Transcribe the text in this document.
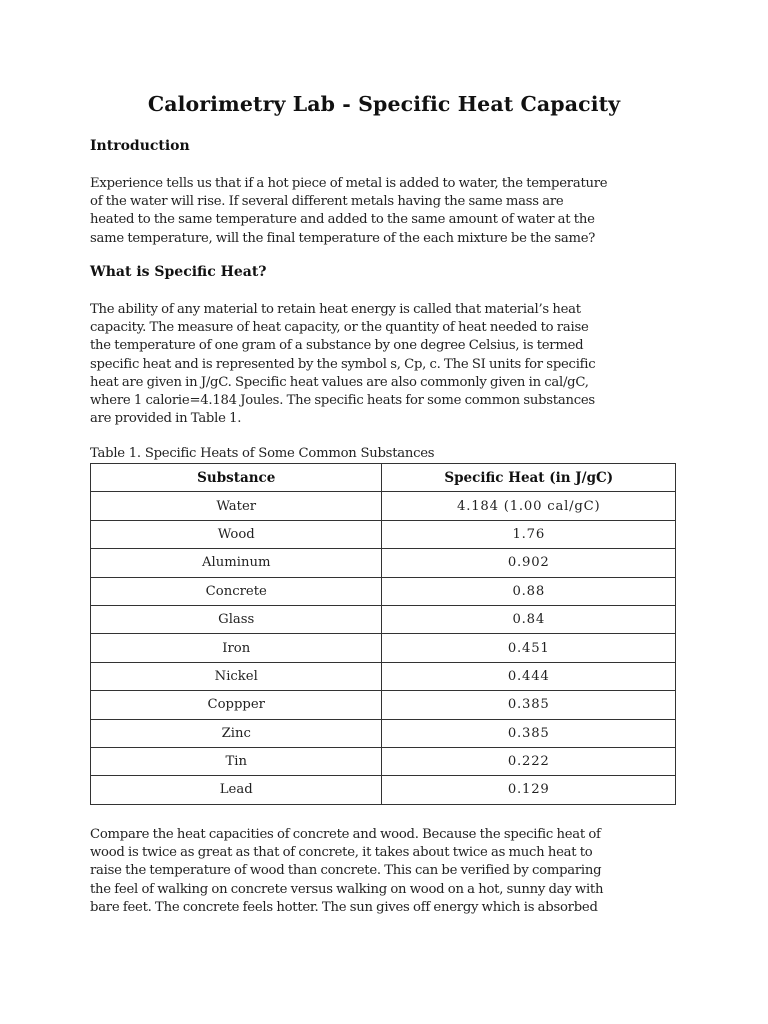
Calorimetry Lab - Specific Heat Capacity
Introduction
Experience tells us that if a hot piece of metal is added to water, the temperature
of the water will rise. If several different metals having the same mass are
heated to the same temperature and added to the same amount of water at the
same temperature, will the final temperature of the each mixture be the same?
What is Specific Heat?
The ability of any material to retain heat energy is called that material’s heat
capacity. The measure of heat capacity, or the quantity of heat needed to raise
the temperature of one gram of a substance by one degree Celsius, is termed
specific heat and is represented by the symbol s, Cp, c. The SI units for specific
heat are given in J/gC. Specific heat values are also commonly given in cal/gC,
where 1 calorie=4.184 Joules. The specific heats for some common substances
are provided in Table 1.
Table 1. Specific Heats of Some Common Substances
Substance	Specific Heat (in J/gC)
Water	4.184 (1.00 cal/gC)
Wood	1.76
Aluminum	0.902
Concrete	0.88
Glass	0.84
Iron	0.451
Nickel	0.444
Coppper	0.385
Zinc	0.385
Tin	0.222
Lead	0.129
Compare the heat capacities of concrete and wood. Because the specific heat of
wood is twice as great as that of concrete, it takes about twice as much heat to
raise the temperature of wood than concrete. This can be verified by comparing
the feel of walking on concrete versus walking on wood on a hot, sunny day with
bare feet. The concrete feels hotter. The sun gives off energy which is absorbed
